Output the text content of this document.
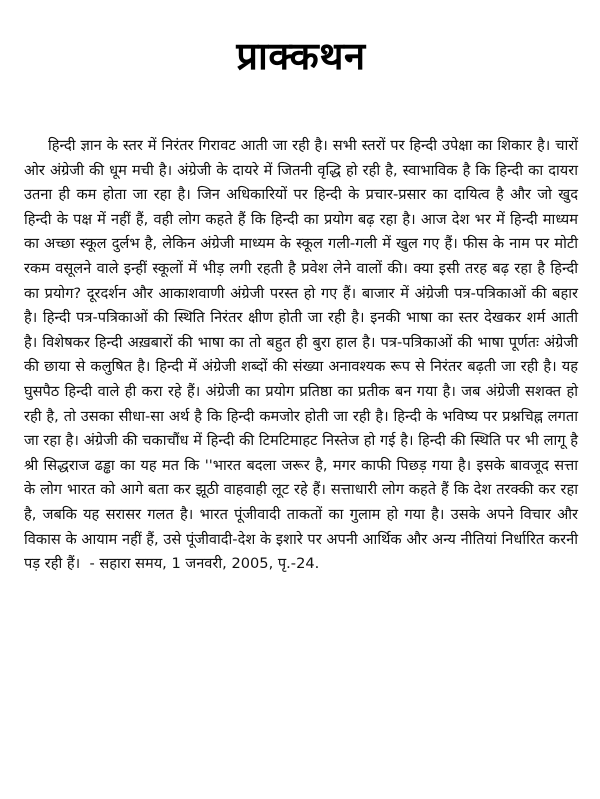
प्राक्कथन

हिन्दी ज्ञान के स्तर में निरंतर गिरावट आती जा रही है। सभी स्तरों पर हिन्दी उपेक्षा का शिकार है। चारों ओर अंग्रेजी की धूम मची है। अंग्रेजी के दायरे में जितनी वृद्धि हो रही है, स्वाभाविक है कि हिन्दी का दायरा उतना ही कम होता जा रहा है। जिन अधिकारियों पर हिन्दी के प्रचार-प्रसार का दायित्व है और जो खुद हिन्दी के पक्ष में नहीं हैं, वही लोग कहते हैं कि हिन्दी का प्रयोग बढ़ रहा है। आज देश भर में हिन्दी माध्यम का अच्छा स्कूल दुर्लभ है, लेकिन अंग्रेजी माध्यम के स्कूल गली-गली में खुल गए हैं। फीस के नाम पर मोटी रकम वसूलने वाले इन्हीं स्कूलों में भीड़ लगी रहती है प्रवेश लेने वालों की। क्या इसी तरह बढ़ रहा है हिन्दी का प्रयोग? दूरदर्शन और आकाशवाणी अंग्रेजी परस्त हो गए हैं। बाजार में अंग्रेजी पत्र-पत्रिकाओं की बहार है। हिन्दी पत्र-पत्रिकाओं की स्थिति निरंतर क्षीण होती जा रही है। इनकी भाषा का स्तर देखकर शर्म आती है। विशेषकर हिन्दी अख़बारों की भाषा का तो बहुत ही बुरा हाल है। पत्र-पत्रिकाओं की भाषा पूर्णतः अंग्रेजी की छाया से कलुषित है। हिन्दी में अंग्रेजी शब्दों की संख्या अनावश्यक रूप से निरंतर बढ़ती जा रही है। यह घुसपैठ हिन्दी वाले ही करा रहे हैं। अंग्रेजी का प्रयोग प्रतिष्ठा का प्रतीक बन गया है। जब अंग्रेजी सशक्त हो रही है, तो उसका सीधा-सा अर्थ है कि हिन्दी कमजोर होती जा रही है। हिन्दी के भविष्य पर प्रश्नचिह्न लगता जा रहा है। अंग्रेजी की चकाचौंध में हिन्दी की टिमटिमाहट निस्तेज हो गई है। हिन्दी की स्थिति पर भी लागू है श्री सिद्धराज ढड्ढा का यह मत कि ''भारत बदला जरूर है, मगर काफी पिछड़ गया है। इसके बावजूद सत्ता के लोग भारत को आगे बता कर झूठी वाहवाही लूट रहे हैं। सत्ताधारी लोग कहते हैं कि देश तरक्की कर रहा है, जबकि यह सरासर गलत है। भारत पूंजीवादी ताकतों का गुलाम हो गया है। उसके अपने विचार और विकास के आयाम नहीं हैं, उसे पूंजीवादी-देश के इशारे पर अपनी आर्थिक और अन्य नीतियां निर्धारित करनी पड़ रही हैं। - सहारा समय, 1 जनवरी, 2005, पृ.-24.
